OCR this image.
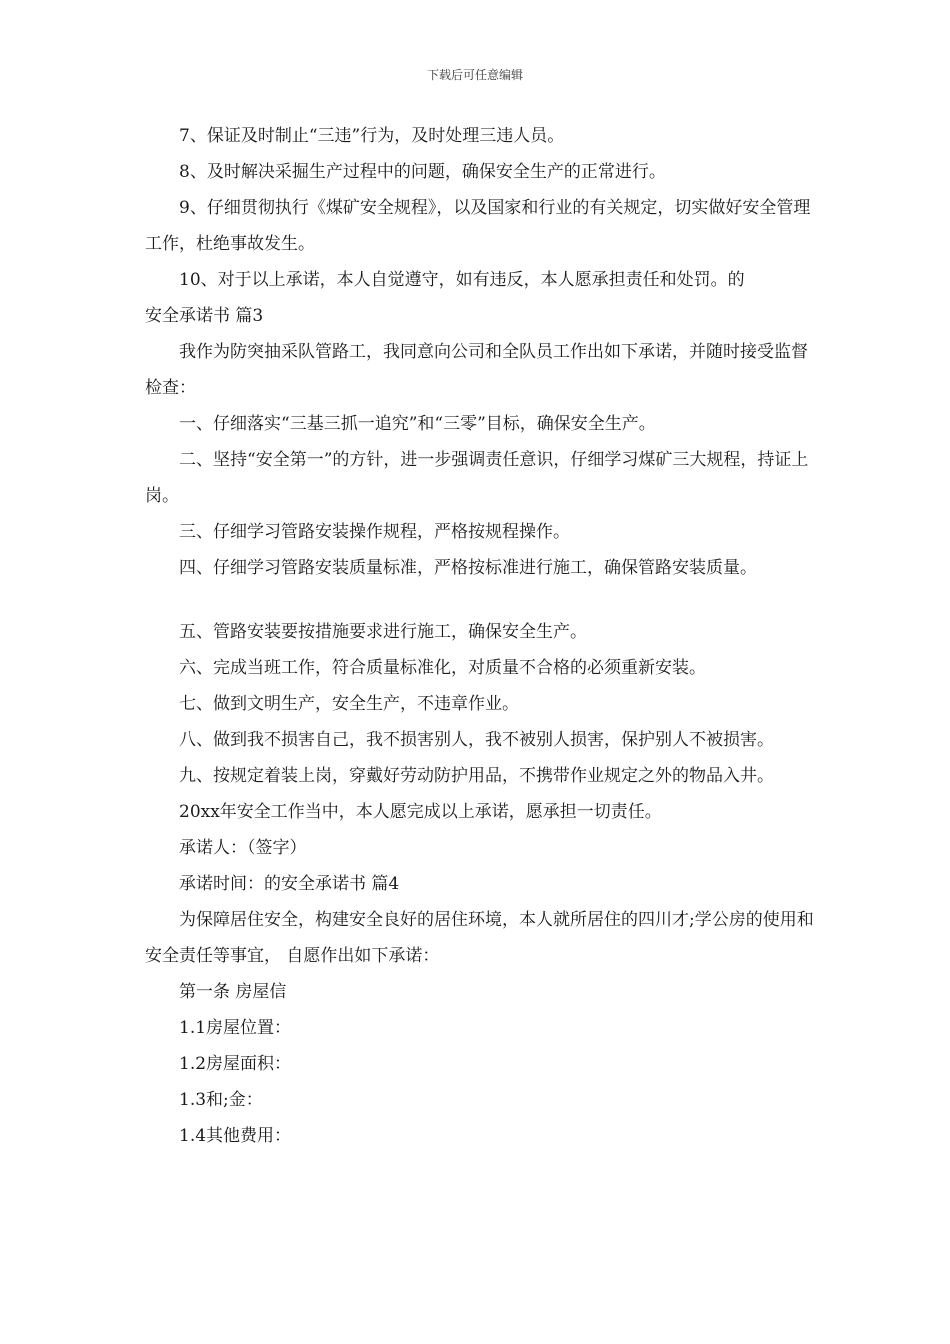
下载后可任意编辑

7、保证及时制止“三违”行为，及时处理三违人员。

8、及时解决采掘生产过程中的问题，确保安全生产的正常进行。

9、仔细贯彻执行《煤矿安全规程》，以及国家和行业的有关规定，切实做好安全管理工作，杜绝事故发生。

10、对于以上承诺，本人自觉遵守，如有违反，本人愿承担责任和处罚。的

安全承诺书 篇3

我作为防突抽采队管路工，我同意向公司和全队员工作出如下承诺，并随时接受监督检查：

一、仔细落实“三基三抓一追究”和“三零”目标，确保安全生产。

二、坚持“安全第一”的方针，进一步强调责任意识，仔细学习煤矿三大规程，持证上岗。

三、仔细学习管路安装操作规程，严格按规程操作。

四、仔细学习管路安装质量标准，严格按标准进行施工，确保管路安装质量。

五、管路安装要按措施要求进行施工，确保安全生产。

六、完成当班工作，符合质量标准化，对质量不合格的必须重新安装。

七、做到文明生产，安全生产，不违章作业。

八、做到我不损害自己，我不损害别人，我不被别人损害，保护别人不被损害。

九、按规定着装上岗，穿戴好劳动防护用品，不携带作业规定之外的物品入井。

20xx年安全工作当中，本人愿完成以上承诺，愿承担一切责任。

承诺人：（签字）

承诺时间：的安全承诺书 篇4

为保障居住安全，构建安全良好的居住环境，本人就所居住的四川才;学公房的使用和安全责任等事宜， 自愿作出如下承诺：

第一条 房屋信

1.1房屋位置：

1.2房屋面积：

1.3和;金：

1.4其他费用：
